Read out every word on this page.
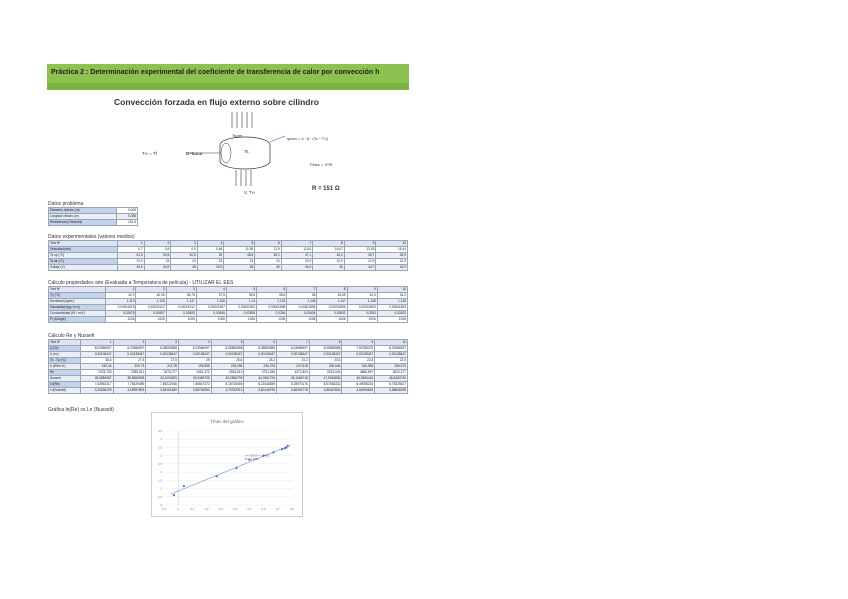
Práctica 2 : Determinación experimental del coeficiente de transferencia de calor por convección h
Convección forzada en flujo externo sobre cilindro
T∞ = Tf	D=5mm
Tsuper
Ts
qconv = h · A · (Ts − T∞)
Pelec = V²/R
V, T∞
R = 151 Ω
Datos problema
Diámetro cilindro (m)	0,005
Longitud cilindro (m)	0,088
Resistencia (Ohmnios)	151,5
Datos experimentales (valores medios)
Test Nº	1	2	3	4	5	6	7	8	9	10
Velocidad(m/s)	0,7	0,8	0,9	0,66	11,95	11,9	12,61	16,07	13,43	16,44
Ts up (ºC)	61,5	50,5	50,5	52	48,6	48,2	47,1	46,2	45,7	45,5
Ts air (ºC)	22,9	23	23	23	23	23	22,9	22,9	22,9	22,9
Voltaje (V)	34,9	34,9	35	34,9	35	35	34,9	35	34,7	34,9
Cálculo propiedades aire (Evaluada a Temperatura de película) - UTILIZAR EL EES
Test Nº	1	2	3	4	5	6	7	8	9	10
Tp (ºC)	42,2	40,05	36,75	37,5	35,8	35,6	35	34,55	34,3	34,2
Densidad (kg/m³)	1,119	1,128	1,137	1,136	1,14	1,143	1,146	1,147	1,148	1,148
Viscosidad (kg / m·s)	0,00001918	0,00001912	0,00001912	0,00001907	0,00001902	0,00001898	0,00001896	0,00001895	0,00001893	0,00001893
Conductividad (W / m·K)	0,02678	0,02657	0,02653	0,02645	0,02635	0,0264	0,02634	0,02632	0,0263	0,02632
Pr (kJ/kgK)	1006	1006	1006	1006	1006	1006	1006	1006	1006	1006
Cálculo Re y Nusselt
Test Nº	1	2	3	4	5	6	7	8	9	10
Q (W)	8,03966997	8,03966997	8,08580858	8,03966997	8,08580858	8,08580858	8,03966997	8,08580858	7,94785479	8,03966997
A (m²)	0,00138447	0,00138447	0,00138447	0,00138447	0,00138447	0,00138447	0,00138447	0,00138447	0,00138447	0,00138447
Ts - Tp (ºC)	38,6	27,5	27,5	29	25,6	25,2	24,2	23,3	22,8	22,6
h (W/m²·K)	150,44	209,73	212,78	199,855	228,096	236,376	237,615	250,646	246,955	256,973
Re	2078,753	2355,041	2676,377	2461,372	3594,513	3731,266	4271,803	5315,644	4868,697	6524,277
Nusselt	28,0884957	38,8550698	40,1092829	39,9369799	43,2856799	44,7661794	45,1066718	47,5915836	46,9484416	48,8183749
Ln(Re)	7,63963317	7,76429489	7,89222946	7,80847372	8,18718455	8,22448359	8,35970176	8,57838332	8,49058224	8,78325627
Ln(Nusselt)	3,33536209	3,65997899	3,69161699	3,68730953	3,76782913	3,80146799	3,80904778	3,86267843	3,84906816	3,88808259
Gráfica ln(Re) vs Ln (Nusselt)
Título del gráfico
0
0,5
1
1,5
2
2,5
3
3,5
4
4,5
-0,1	0	0,1	0,2	0,3	0,4	0,5	0,6	0,7	0,8
y = 3,0617x + 1,0402
R² = 0,9854
